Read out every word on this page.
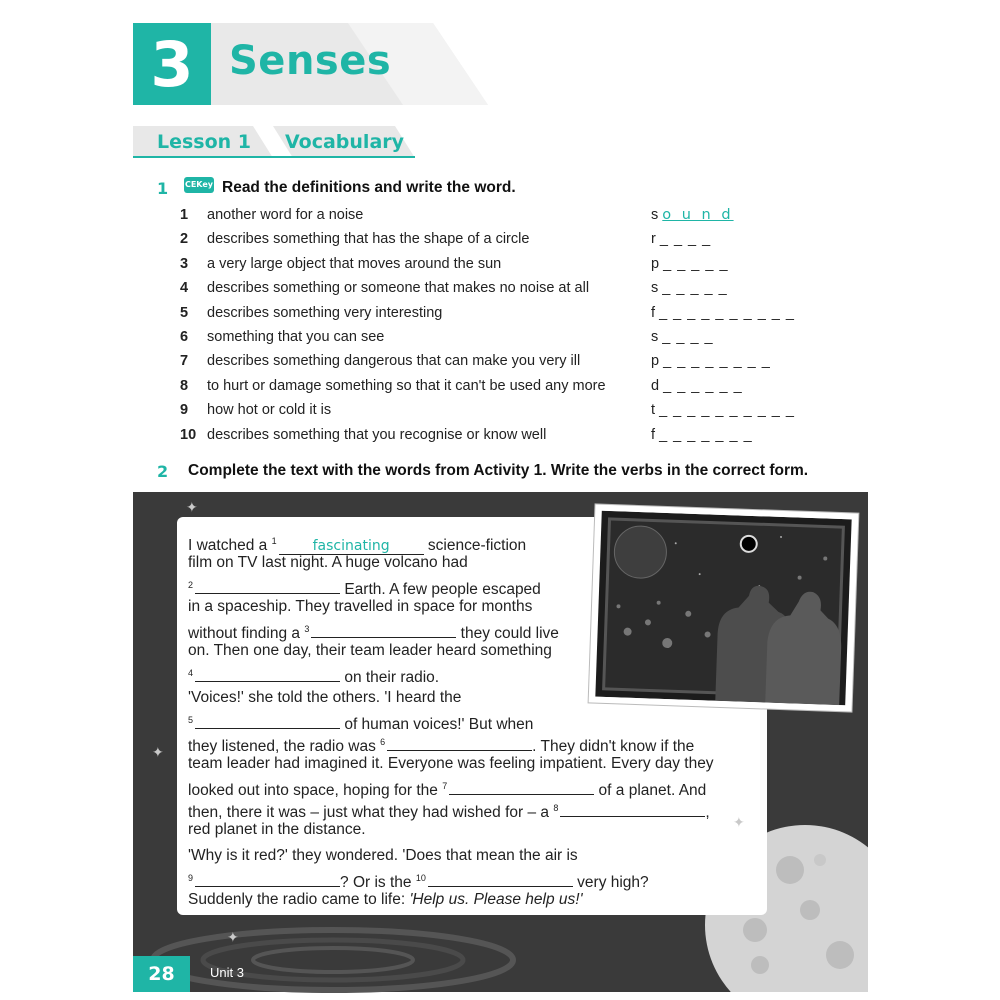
3 Senses
Lesson 1 Vocabulary
1 CEKey Read the definitions and write the word.
1 another word for a noise	s o u n d
2 describes something that has the shape of a circle	r _ _ _ _
3 a very large object that moves around the sun	p _ _ _ _ _
4 describes something or someone that makes no noise at all	s _ _ _ _ _
5 describes something very interesting	f _ _ _ _ _ _ _ _ _ _
6 something that you can see	s _ _ _ _
7 describes something dangerous that can make you very ill	p _ _ _ _ _ _ _ _
8 to hurt or damage something so that it can't be used any more	d _ _ _ _ _ _
9 how hot or cold it is	t _ _ _ _ _ _ _ _ _ _
10 describes something that you recognise or know well	f _ _ _ _ _ _ _
2 Complete the text with the words from Activity 1. Write the verbs in the correct form.
I watched a $^1$	fascinating science-fiction
film on TV last night. A huge volcano had
$^2$	Earth. A few people escaped
in a spaceship. They travelled in space for months
without finding a $^3$	they could live
on. Then one day, their team leader heard something
$^4$	on their radio.
'Voices!' she told the others. 'I heard the
$^5$	of human voices!' But when
they listened, the radio was $^6$	. They didn't know if the
team leader had imagined it. Everyone was feeling impatient. Every day they
looked out into space, hoping for the $^7$	of a planet. And
then, there it was – just what they had wished for – a $^8$	,
red planet in the distance.
'Why is it red?' they wondered. 'Does that mean the air is
$^9$	? Or is the $^{10}$	very high?
Suddenly the radio came to life: 'Help us. Please help us!'
✦
✦
✦
✦
28	Unit 3
